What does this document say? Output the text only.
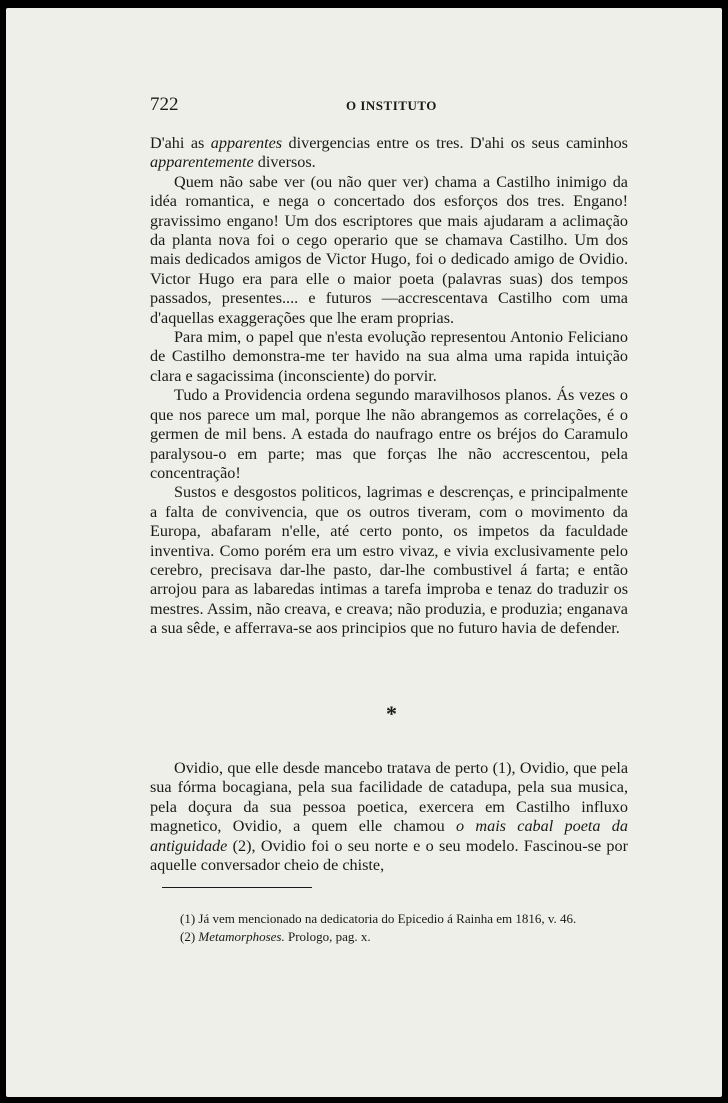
722	O INSTITUTO

D'ahi as apparentes divergencias entre os tres. D'ahi os seus caminhos apparentemente diversos.

Quem não sabe ver (ou não quer ver) chama a Castilho inimigo da idéa romantica, e nega o concertado dos esforços dos tres. Engano! gravissimo engano! Um dos escriptores que mais ajudaram a aclimação da planta nova foi o cego operario que se chamava Castilho. Um dos mais dedicados amigos de Victor Hugo, foi o dedicado amigo de Ovidio. Victor Hugo era para elle o maior poeta (palavras suas) dos tempos passados, presentes.... e futuros —accrescentava Castilho com uma d'aquellas exaggerações que lhe eram proprias.

Para mim, o papel que n'esta evolução representou Antonio Feliciano de Castilho demonstra-me ter havido na sua alma uma rapida intuição clara e sagacissima (inconsciente) do porvir.

Tudo a Providencia ordena segundo maravilhosos planos. Ás vezes o que nos parece um mal, porque lhe não abrangemos as correlações, é o germen de mil bens. A estada do naufrago entre os bréjos do Caramulo paralysou-o em parte; mas que forças lhe não accrescentou, pela concentração!

Sustos e desgostos politicos, lagrimas e descrenças, e principalmente a falta de convivencia, que os outros tiveram, com o movimento da Europa, abafaram n'elle, até certo ponto, os impetos da faculdade inventiva. Como porém era um estro vivaz, e vivia exclusivamente pelo cerebro, precisava dar-lhe pasto, dar-lhe combustivel á farta; e então arrojou para as labaredas intimas a tarefa improba e tenaz do traduzir os mestres. Assim, não creava, e creava; não produzia, e produzia; enganava a sua sêde, e afferrava-se aos principios que no futuro havia de defender.

*

Ovidio, que elle desde mancebo tratava de perto (1), Ovidio, que pela sua fórma bocagiana, pela sua facilidade de catadupa, pela sua musica, pela doçura da sua pessoa poetica, exercera em Castilho influxo magnetico, Ovidio, a quem elle chamou o mais cabal poeta da antiguidade (2), Ovidio foi o seu norte e o seu modelo. Fascinou-se por aquelle conversador cheio de chiste,

(1) Já vem mencionado na dedicatoria do Epicedio á Rainha em 1816, v. 46.

(2) Metamorphoses. Prologo, pag. x.
